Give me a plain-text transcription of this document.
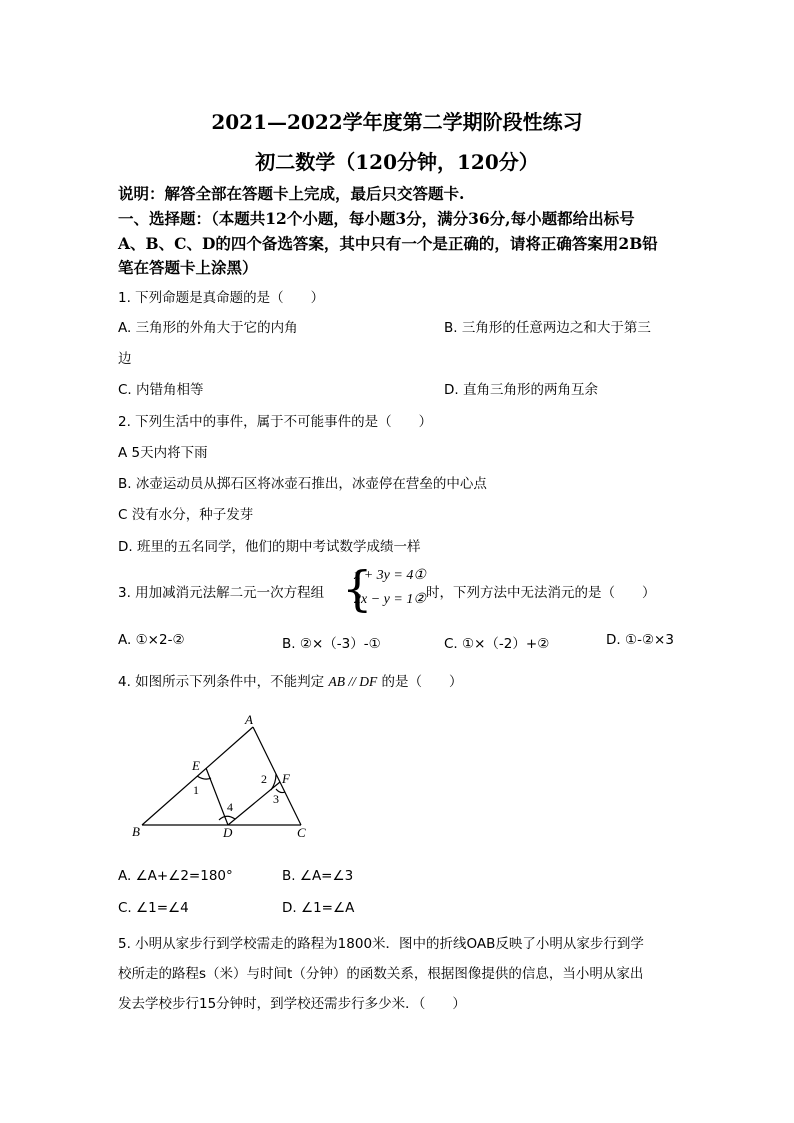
2021—2022学年度第二学期阶段性练习
初二数学（120分钟，120分）
说明：解答全部在答题卡上完成，最后只交答题卡.
一、选择题：（本题共12个小题，每小题3分，满分36分,每小题都给出标号
A、B、C、D的四个备选答案，其中只有一个是正确的，请将正确答案用2B铅
笔在答题卡上涂黑）
1. 下列命题是真命题的是（　　）
A. 三角形的外角大于它的内角	B. 三角形的任意两边之和大于第三
边
C. 内错角相等	D. 直角三角形的两角互余
2. 下列生活中的事件，属于不可能事件的是（　　）
A 5天内将下雨
B. 冰壶运动员从掷石区将冰壶石推出，冰壶停在营垒的中心点
C 没有水分，种子发芽
D. 班里的五名同学，他们的期中考试数学成绩一样
3. 用加减消元法解二元一次方程组 {
x + 3y = 4①
2x − y = 1② 时，下列方法中无法消元的是（　　）
A. ①×2-②	B. ②×（-3）-①	C. ①×（-2）+②	D. ①-②×3
4. 如图所示下列条件中，不能判定 AB // DF 的是（　　）
A
B	C
D
E
F
1
2
3
4
A. ∠A+∠2=180°	B. ∠A=∠3
C. ∠1=∠4	D. ∠1=∠A
5. 小明从家步行到学校需走的路程为1800米．图中的折线OAB反映了小明从家步行到学
校所走的路程s（米）与时间t（分钟）的函数关系，根据图像提供的信息，当小明从家出
发去学校步行15分钟时，到学校还需步行多少米．（　　）
